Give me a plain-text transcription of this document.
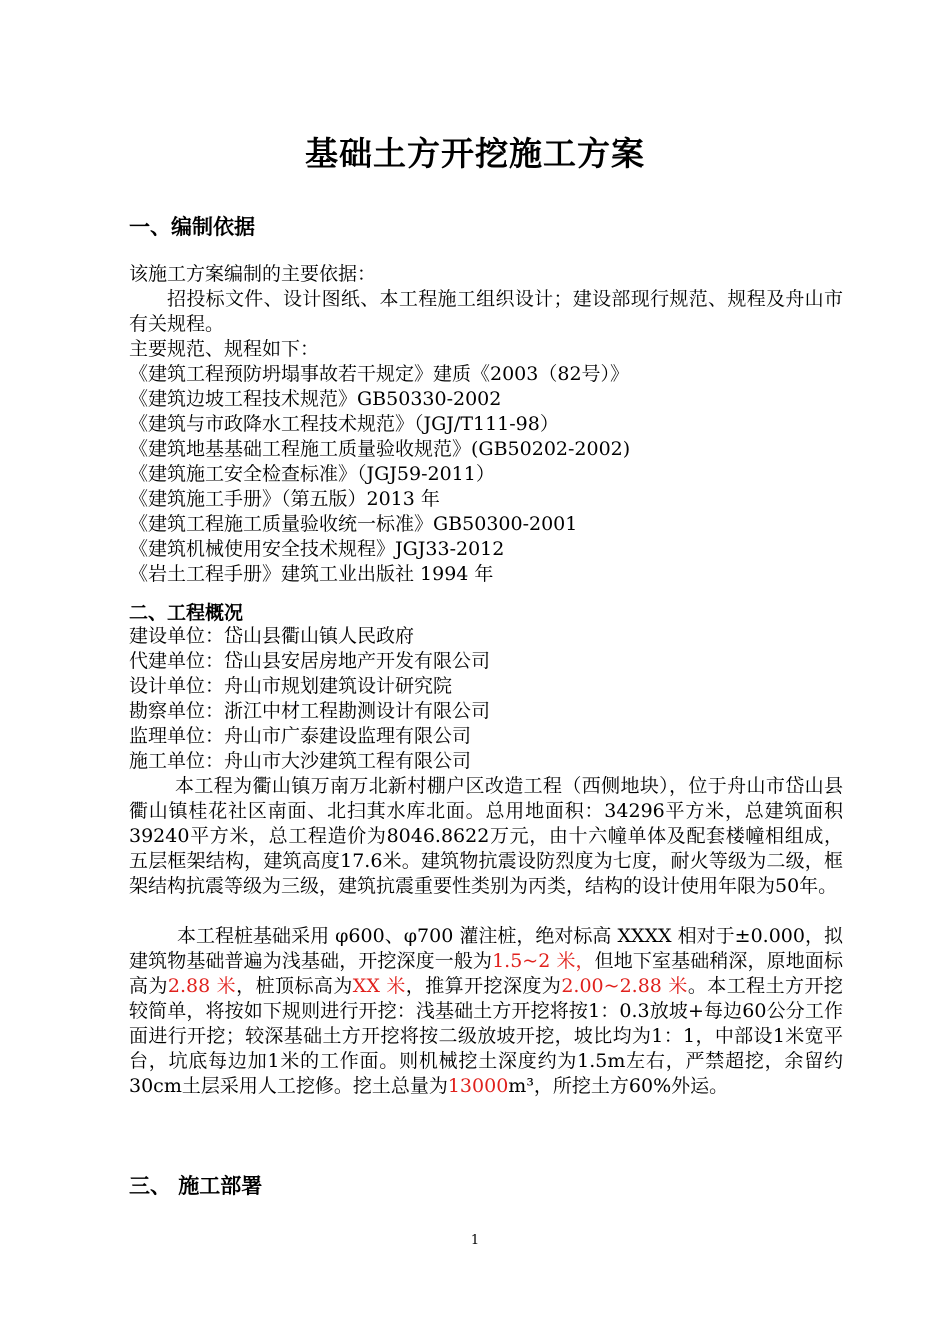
基础土方开挖施工方案
一、编制依据
该施工方案编制的主要依据：

招投标文件、设计图纸、本工程施工组织设计；建设部现行规范、规程及舟山市有关规程。

主要规范、规程如下：
《建筑工程预防坍塌事故若干规定》建质《2003（82号）》
《建筑边坡工程技术规范》GB50330-2002
《建筑与市政降水工程技术规范》（JGJ/T111-98）
《建筑地基基础工程施工质量验收规范》(GB50202-2002)
《建筑施工安全检查标准》（JGJ59-2011）
《建筑施工手册》（第五版）2013 年
《建筑工程施工质量验收统一标准》GB50300-2001
《建筑机械使用安全技术规程》JGJ33-2012
《岩土工程手册》建筑工业出版社 1994 年
二、工程概况
建设单位：岱山县衢山镇人民政府
代建单位：岱山县安居房地产开发有限公司
设计单位：舟山市规划建筑设计研究院
勘察单位：浙江中材工程勘测设计有限公司
监理单位：舟山市广泰建设监理有限公司
施工单位：舟山市大沙建筑工程有限公司

本工程为衢山镇万南万北新村棚户区改造工程（西侧地块），位于舟山市岱山县衢山镇桂花社区南面、北扫萁水库北面。总用地面积：34296平方米，总建筑面积39240平方米，总工程造价为8046.8622万元，由十六幢单体及配套楼幢相组成，五层框架结构，建筑高度17.6米。建筑物抗震设防烈度为七度，耐火等级为二级，框架结构抗震等级为三级，建筑抗震重要性类别为丙类，结构的设计使用年限为50年。

本工程桩基础采用 φ600、φ700 灌注桩，绝对标高 XXXX 相对于±0.000，拟建筑物基础普遍为浅基础，开挖深度一般为1.5~2 米，但地下室基础稍深，原地面标高为2.88 米，桩顶标高为XX 米，推算开挖深度为2.00~2.88 米。本工程土方开挖较简单，将按如下规则进行开挖：浅基础土方开挖将按1：0.3放坡+每边60公分工作面进行开挖；较深基础土方开挖将按二级放坡开挖，坡比均为1：1，中部设1米宽平台，坑底每边加1米的工作面。则机械挖土深度约为1.5m左右，严禁超挖，余留约30cm土层采用人工挖修。挖土总量为13000m³，所挖土方60%外运。

三、 施工部署
1
